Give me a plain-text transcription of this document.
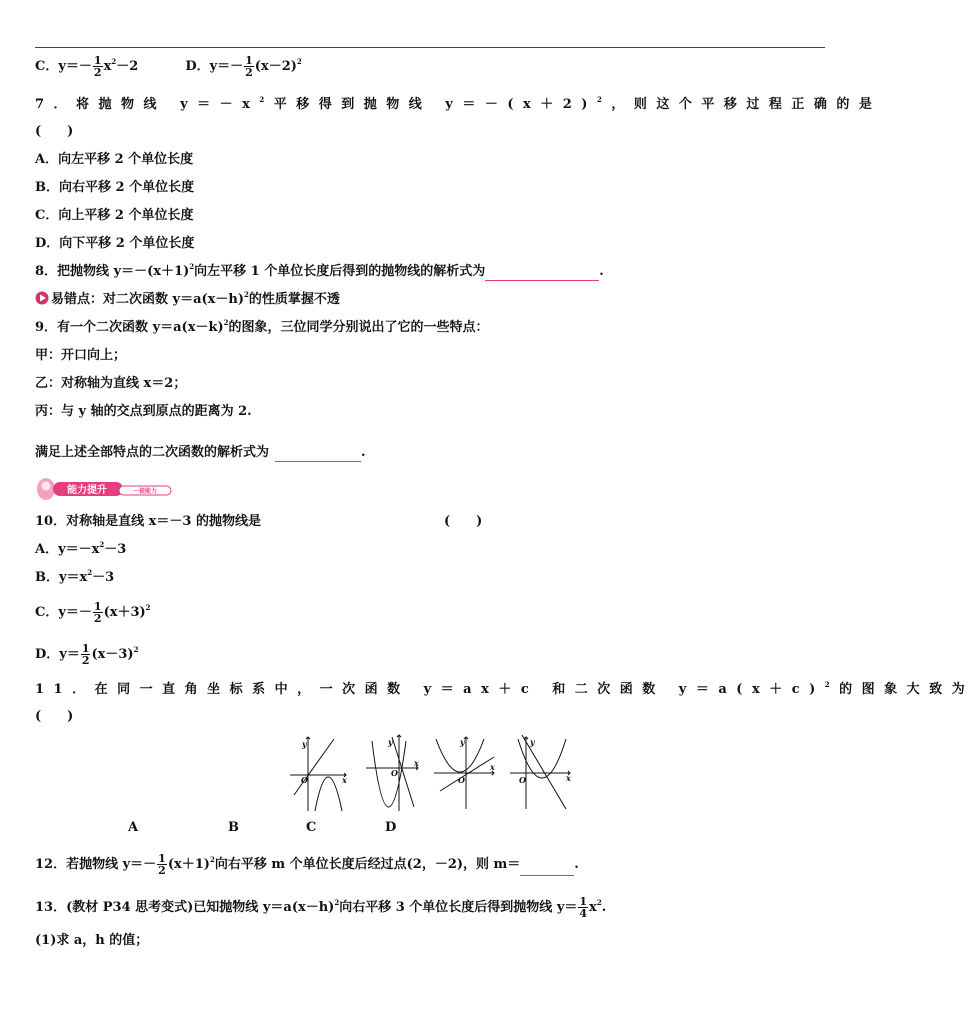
C．$y=- \frac{1}{2} x^2-2$	D．$y=- \frac{1}{2} (x-2)^2$
7．将抛物线 $y=-x^2$平移得到抛物线 $y=-(x+2)^2$，则这个平移过程正确的是
(　　)
A．向左平移 2 个单位长度
B．向右平移 2 个单位长度
C．向上平移 2 个单位长度
D．向下平移 2 个单位长度
8．把抛物线 $y=-(x+1)^2$向左平移 1 个单位长度后得到的抛物线的解析式为	.
易错点：对二次函数 $y=a(x-h)^2$的性质掌握不透
9．有一个二次函数 $y=a(x-k)^2$的图象，三位同学分别说出了它的一些特点：
甲：开口向上；
乙：对称轴为直线 x＝2；
丙：与 y 轴的交点到原点的距离为 2.
满足上述全部特点的二次函数的解析式为	.
能力提升	一提能力
10．对称轴是直线 x＝－3 的抛物线是	(　　)
A．$y=-x^2-3$
B．$y=x^2-3$
C．$y=- \frac{1}{2} (x+3)^2$
D．$y= \frac{1}{2} (x-3)^2$
11．在同一直角坐标系中，一次函数 y＝ax＋c 和二次函数 $y=a(x+c)^2$的图象大致为
(　　)
y
x
O
y
x
O
y
x
O
y
x
O
A	B	C	D
12．若抛物线 $y=- \frac{1}{2} (x+1)^2$向右平移 m 个单位长度后经过点(2，－2)，则 m＝	.
13．(教材 P34 思考变式)已知抛物线 $y=a(x-h)^2$向右平移 3 个单位长度后得到抛物线 $y= \frac{1}{4} x^2$.
(1)求 a，h 的值；
